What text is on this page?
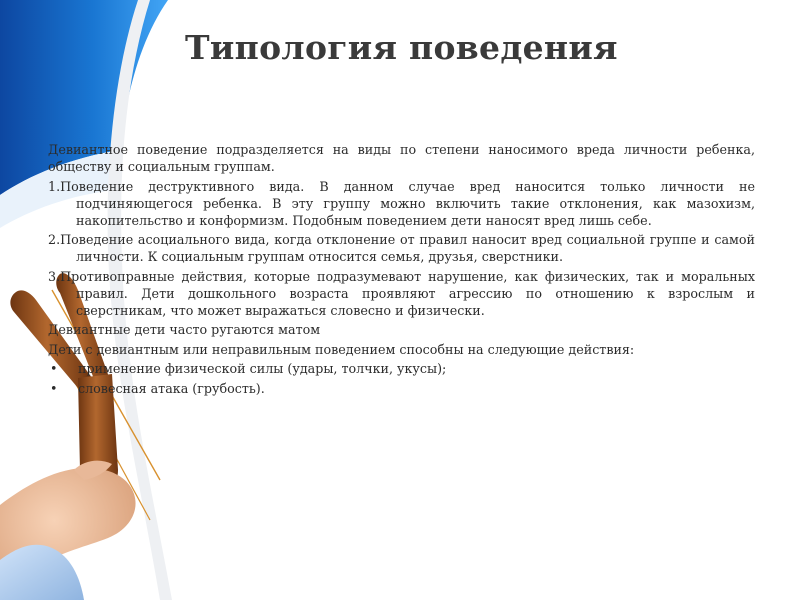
Типология поведения
Девиантное поведение подразделяется на виды по степени наносимого вреда личности ребенка, обществу и социальным группам.
1.Поведение деструктивного вида. В данном случае вред наносится только личности не подчиняющегося ребенка. В эту группу можно включить такие отклонения, как мазохизм, накопительство и конформизм. Подобным поведением дети наносят вред лишь себе.
2.Поведение асоциального вида, когда отклонение от правил наносит вред социальной группе и самой личности. К социальным группам относится семья, друзья, сверстники.
3.Противоправные действия, которые подразумевают нарушение, как физических, так и моральных правил. Дети дошкольного возраста проявляют агрессию по отношению к взрослым и сверстникам, что может выражаться словесно и физически.
Девиантные дети часто ругаются матом
Дети с девиантным или неправильным поведением способны на следующие действия:
• применение физической силы (удары, толчки, укусы);
• словесная атака (грубость).
